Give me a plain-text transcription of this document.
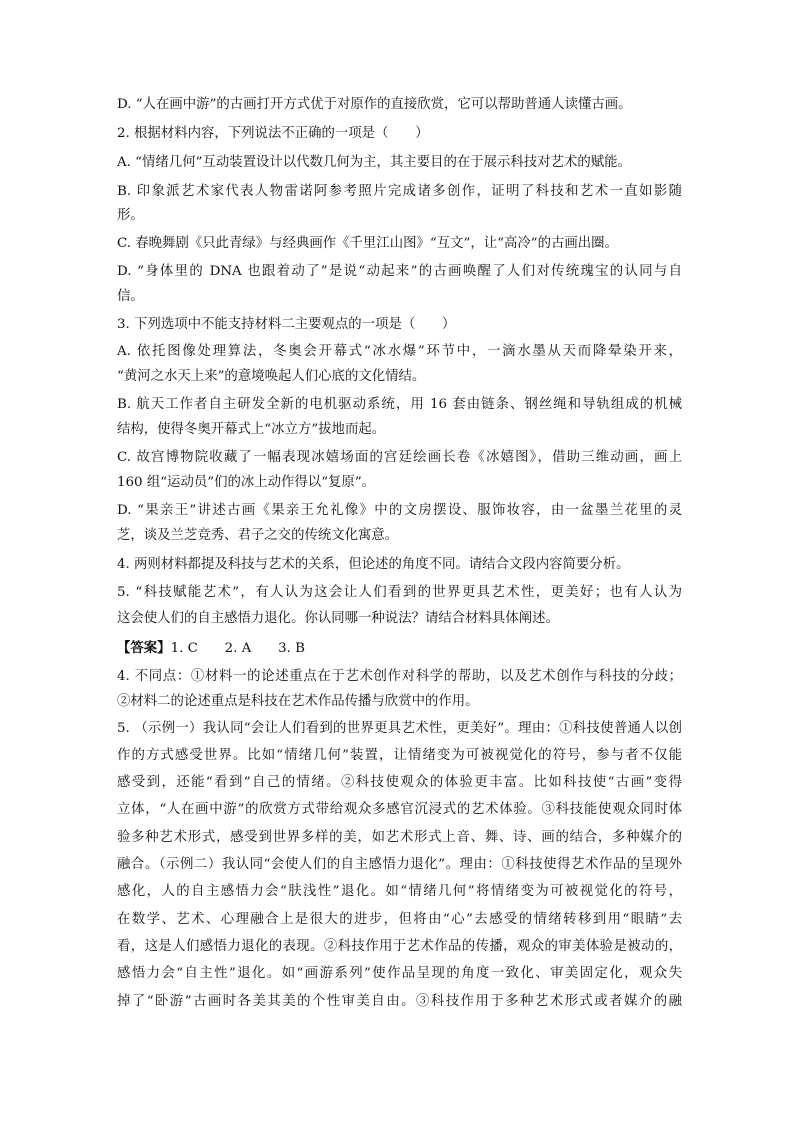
D. “人在画中游”的古画打开方式优于对原作的直接欣赏，它可以帮助普通人读懂古画。
2. 根据材料内容，下列说法不正确的一项是（　　）
A. “情绪几何”互动装置设计以代数几何为主，其主要目的在于展示科技对艺术的赋能。
B. 印象派艺术家代表人物雷诺阿参考照片完成诸多创作，证明了科技和艺术一直如影随
形。
C. 春晚舞剧《只此青绿》与经典画作《千里江山图》“互文”，让“高冷”的古画出圈。
D. “身体里的 DNA 也跟着动了”是说“动起来”的古画唤醒了人们对传统瑰宝的认同与自
信。
3. 下列选项中不能支持材料二主要观点的一项是（　　）
A. 依托图像处理算法，冬奥会开幕式“冰水爆”环节中，一滴水墨从天而降晕染开来，
“黄河之水天上来”的意境唤起人们心底的文化情结。
B. 航天工作者自主研发全新的电机驱动系统，用 16 套由链条、钢丝绳和导轨组成的机械
结构，使得冬奥开幕式上“冰立方”拔地而起。
C. 故宫博物院收藏了一幅表现冰嬉场面的宫廷绘画长卷《冰嬉图》，借助三维动画，画上
160 组“运动员”们的冰上动作得以“复原”。
D. “果亲王”讲述古画《果亲王允礼像》中的文房摆设、服饰妆容，由一盆墨兰花里的灵
芝，谈及兰芝竞秀、君子之交的传统文化寓意。
4. 两则材料都提及科技与艺术的关系，但论述的角度不同。请结合文段内容简要分析。
5. “科技赋能艺术”，有人认为这会让人们看到的世界更具艺术性，更美好；也有人认为
这会使人们的自主感悟力退化。你认同哪一种说法？请结合材料具体阐述。
【答案】1. C　　2. A　　3. B
4. 不同点：①材料一的论述重点在于艺术创作对科学的帮助，以及艺术创作与科技的分歧；
②材料二的论述重点是科技在艺术作品传播与欣赏中的作用。
5. （示例一）我认同“会让人们看到的世界更具艺术性，更美好”。理由：①科技使普通人以创
作的方式感受世界。比如“情绪几何”装置，让情绪变为可被视觉化的符号，参与者不仅能
感受到，还能“看到”自己的情绪。②科技使观众的体验更丰富。比如科技使“古画”变得
立体，“人在画中游”的欣赏方式带给观众多感官沉浸式的艺术体验。③科技能使观众同时体
验多种艺术形式，感受到世界多样的美，如艺术形式上音、舞、诗、画的结合，多种媒介的
融合。（示例二）我认同“会使人们的自主感悟力退化”。理由：①科技使得艺术作品的呈现外
感化，人的自主感悟力会“肤浅性”退化。如“情绪几何”将情绪变为可被视觉化的符号，
在数学、艺术、心理融合上是很大的进步，但将由“心”去感受的情绪转移到用“眼睛”去
看，这是人们感悟力退化的表现。②科技作用于艺术作品的传播，观众的审美体验是被动的，
感悟力会“自主性”退化。如“画游系列”使作品呈现的角度一致化、审美固定化，观众失
掉了“卧游”古画时各美其美的个性审美自由。③科技作用于多种艺术形式或者媒介的融
